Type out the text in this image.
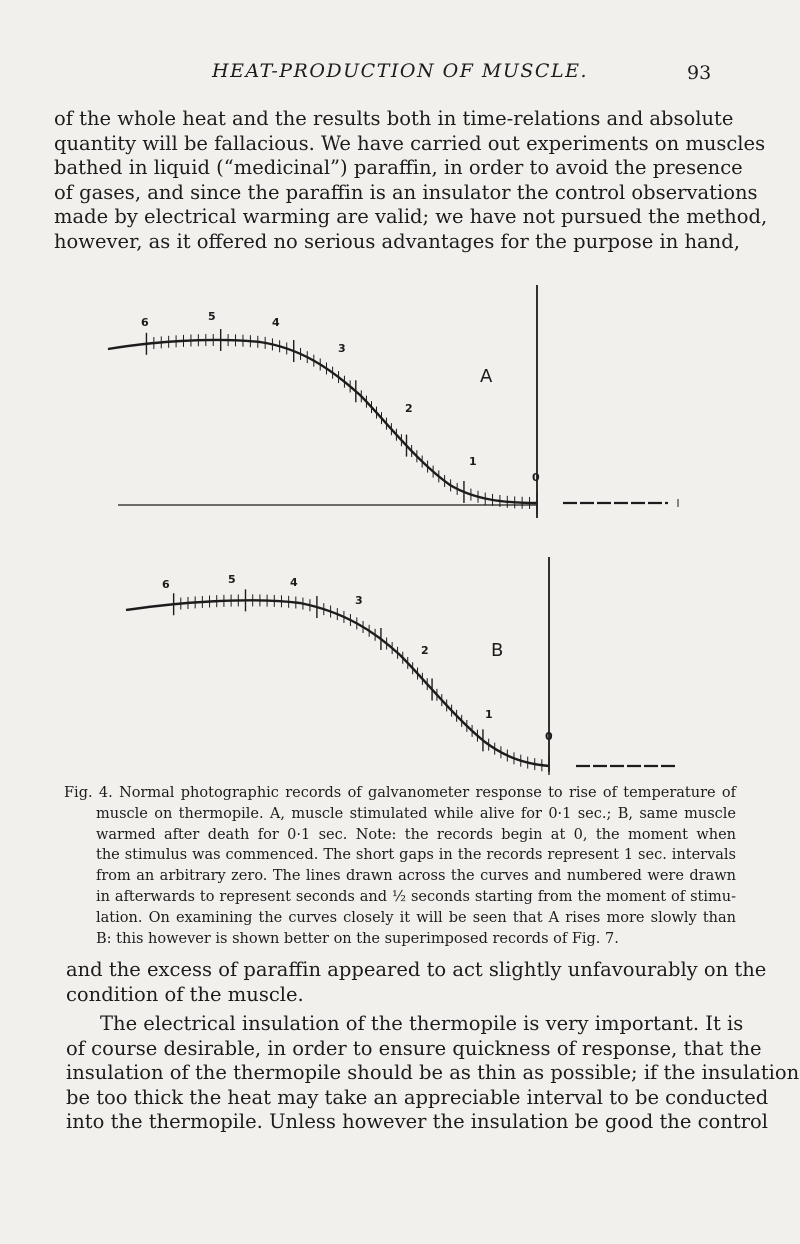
HEAT-PRODUCTION OF MUSCLE.	93
of the whole heat and the results both in time-relations and absolute
quantity will be fallacious. We have carried out experiments on muscles
bathed in liquid (“medicinal”) paraffin, in order to avoid the presence
of gases, and since the paraffin is an insulator the control observations
made by electrical warming are valid; we have not pursued the method,
however, as it offered no serious advantages for the purpose in hand,
6	5	4
3
2
1
0
A
6	5	4
3
2
1
0
B
Fig. 4. Normal photographic records of galvanometer response to rise of temperature of
muscle on thermopile. A, muscle stimulated while alive for 0·1 sec.; B, same muscle
warmed after death for 0·1 sec. Note: the records begin at 0, the moment when
the stimulus was commenced. The short gaps in the records represent 1 sec. intervals
from an arbitrary zero. The lines drawn across the curves and numbered were drawn
in afterwards to represent seconds and ½ seconds starting from the moment of stimu-
lation. On examining the curves closely it will be seen that A rises more slowly than
B: this however is shown better on the superimposed records of Fig. 7.
and the excess of paraffin appeared to act slightly unfavourably on the
condition of the muscle.
The electrical insulation of the thermopile is very important. It is
of course desirable, in order to ensure quickness of response, that the
insulation of the thermopile should be as thin as possible; if the insulation
be too thick the heat may take an appreciable interval to be conducted
into the thermopile. Unless however the insulation be good the control
